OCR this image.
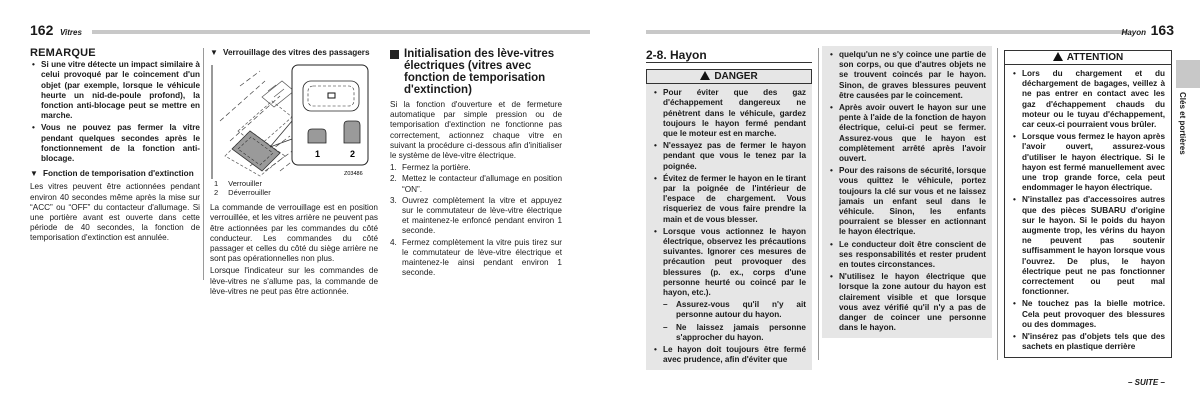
162 Vitres
REMARQUE
• Si une vitre détecte un impact similaire à celui provoqué par le coincement d'un objet (par exemple, lorsque le véhicule heurte un nid-de-poule profond), la fonction anti-blocage peut se mettre en marche.
• Vous ne pouvez pas fermer la vitre pendant quelques secondes après le fonctionnement de la fonction anti-blocage.
▼ Fonction de temporisation d'extinction

Les vitres peuvent être actionnées pendant environ 40 secondes même après la mise sur “ACC” ou “OFF” du contacteur d'allumage. Si une portière avant est ouverte dans cette période de 40 secondes, la fonction de temporisation d'extinction est annulée.

▼ Verrouillage des vitres des passagers
1	2
Z03486
1 Verrouiller
2 Déverrouiller

La commande de verrouillage est en position verrouillée, et les vitres arrière ne peuvent pas être actionnées par les commandes du côté conducteur. Les commandes du côté passager et celles du côté du siège arrière ne sont pas opérationnelles non plus.

Lorsque l'indicateur sur les commandes de lève-vitres ne s'allume pas, la commande de lève-vitres ne peut pas être actionnée.

Initialisation des lève-vitres électriques (vitres avec fonction de temporisation d'extinction)

Si la fonction d'ouverture et de fermeture automatique par simple pression ou de temporisation d'extinction ne fonctionne pas correctement, actionnez chaque vitre en suivant la procédure ci-dessous afin d'initialiser le système de lève-vitre électrique.

1. Fermez la portière.
2. Mettez le contacteur d'allumage en position “ON”.
3. Ouvrez complètement la vitre et appuyez sur le commutateur de lève-vitre électrique et maintenez-le enfoncé pendant environ 1 seconde.
4. Fermez complètement la vitre puis tirez sur le commutateur de lève-vitre électrique et maintenez-le ainsi pendant environ 1 seconde.
Hayon 163
2-8. Hayon
DANGER
• Pour éviter que des gaz d'échappement dangereux ne pénètrent dans le véhicule, gardez toujours le hayon fermé pendant que le moteur est en marche.
• N'essayez pas de fermer le hayon pendant que vous le tenez par la poignée.
• Évitez de fermer le hayon en le tirant par la poignée de l'intérieur de l'espace de chargement. Vous risqueriez de vous faire prendre la main et de vous blesser.
• Lorsque vous actionnez le hayon électrique, observez les précautions suivantes. Ignorer ces mesures de précaution peut provoquer des blessures (p. ex., corps d'une personne heurté ou coincé par le hayon, etc.).
– Assurez-vous qu'il n'y ait personne autour du hayon.
– Ne laissez jamais personne s'approcher du hayon.
• Le hayon doit toujours être fermé avec prudence, afin d'éviter que
• quelqu'un ne s'y coince une partie de son corps, ou que d'autres objets ne se trouvent coincés par le hayon. Sinon, de graves blessures peuvent être causées par le coincement.
• Après avoir ouvert le hayon sur une pente à l'aide de la fonction de hayon électrique, celui-ci peut se fermer. Assurez-vous que le hayon est complètement arrêté après l'avoir ouvert.
• Pour des raisons de sécurité, lorsque vous quittez le véhicule, portez toujours la clé sur vous et ne laissez jamais un enfant seul dans le véhicule. Sinon, les enfants pourraient se blesser en actionnant le hayon électrique.
• Le conducteur doit être conscient de ses responsabilités et rester prudent en toutes circonstances.
• N'utilisez le hayon électrique que lorsque la zone autour du hayon est clairement visible et que lorsque vous avez vérifié qu'il n'y a pas de danger de coincer une personne dans le hayon.
ATTENTION
• Lors du chargement et du déchargement de bagages, veillez à ne pas entrer en contact avec les gaz d'échappement chauds du moteur ou le tuyau d'échappement, car ceux-ci pourraient vous brûler.
• Lorsque vous fermez le hayon après l'avoir ouvert, assurez-vous d'utiliser le hayon électrique. Si le hayon est fermé manuellement avec une trop grande force, cela peut endommager le hayon électrique.
• N'installez pas d'accessoires autres que des pièces SUBARU d'origine sur le hayon. Si le poids du hayon augmente trop, les vérins du hayon ne peuvent pas soutenir suffisamment le hayon lorsque vous l'ouvrez. De plus, le hayon électrique peut ne pas fonctionner correctement ou peut mal fonctionner.
• Ne touchez pas la bielle motrice. Cela peut provoquer des blessures ou des dommages.
• N'insérez pas d'objets tels que des sachets en plastique derrière
Clés et portières
– SUITE –
